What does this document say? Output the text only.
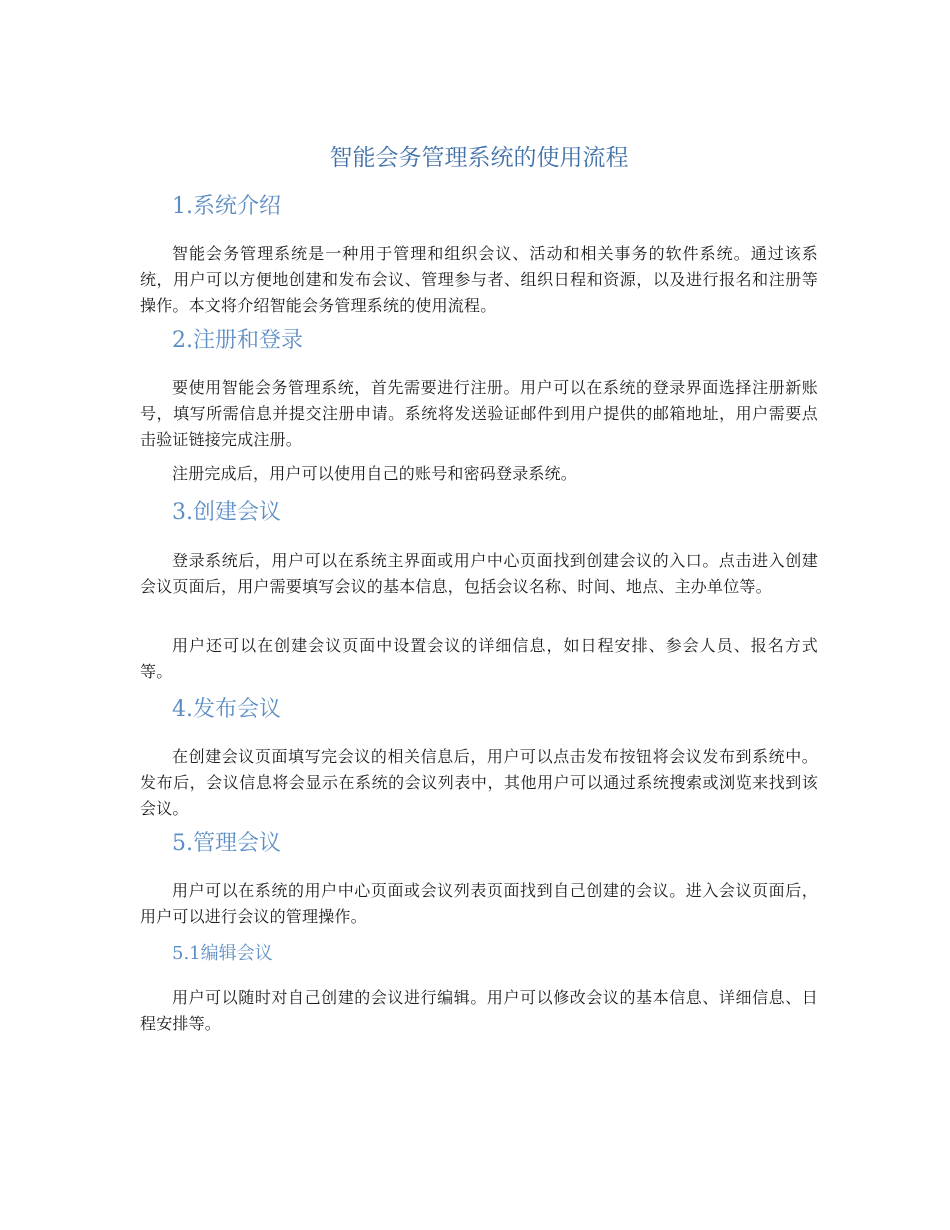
智能会务管理系统的使用流程
1.系统介绍

智能会务管理系统是一种用于管理和组织会议、活动和相关事务的软件系统。通过该系统，用户可以方便地创建和发布会议、管理参与者、组织日程和资源，以及进行报名和注册等操作。本文将介绍智能会务管理系统的使用流程。

2.注册和登录

要使用智能会务管理系统，首先需要进行注册。用户可以在系统的登录界面选择注册新账号，填写所需信息并提交注册申请。系统将发送验证邮件到用户提供的邮箱地址，用户需要点击验证链接完成注册。

注册完成后，用户可以使用自己的账号和密码登录系统。

3.创建会议

登录系统后，用户可以在系统主界面或用户中心页面找到创建会议的入口。点击进入创建会议页面后，用户需要填写会议的基本信息，包括会议名称、时间、地点、主办单位等。

用户还可以在创建会议页面中设置会议的详细信息，如日程安排、参会人员、报名方式等。

4.发布会议

在创建会议页面填写完会议的相关信息后，用户可以点击发布按钮将会议发布到系统中。发布后，会议信息将会显示在系统的会议列表中，其他用户可以通过系统搜索或浏览来找到该会议。

5.管理会议

用户可以在系统的用户中心页面或会议列表页面找到自己创建的会议。进入会议页面后，用户可以进行会议的管理操作。

5.1编辑会议

用户可以随时对自己创建的会议进行编辑。用户可以修改会议的基本信息、详细信息、日程安排等。
